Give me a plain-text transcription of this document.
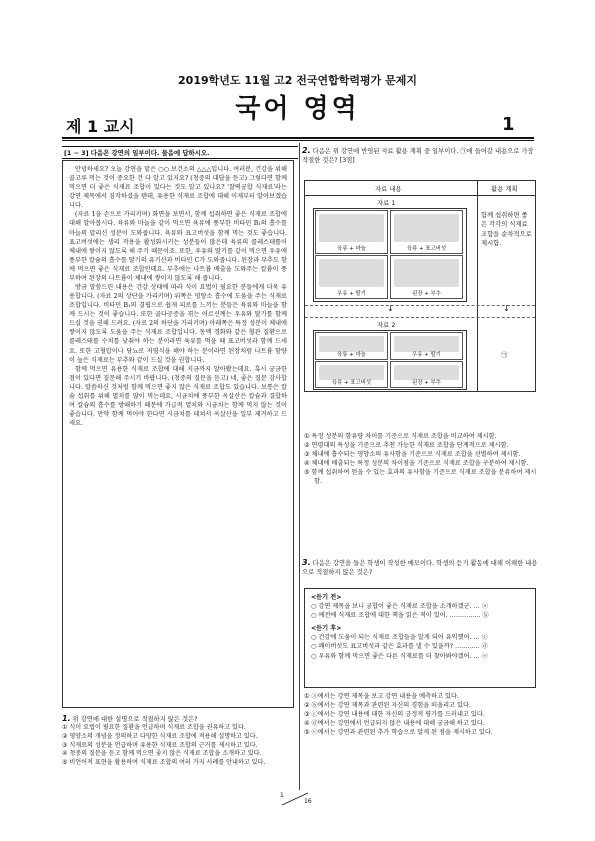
2019학년도 11월 고2 전국연합학력평가 문제지
국어 영역
제 1 교시	1
[1 ~ 3] 다음은 강연의 일부이다. 물음에 답하시오.

안녕하세요? 오늘 강연을 맡은 ○○ 보건소의 △△△입니다. 여러분, 건강을 위해 골고루 먹는 것이 중요한 건 다 알고 있지요? (청중의 대답을 듣고) 그렇다면 함께 먹으면 더 좋은 식재료 조합이 있다는 것도 알고 있나요? '찰떡궁합 식재료'라는 강연 제목에서 짐작하셨을 텐데, 유용한 식재료 조합에 대해 이제부터 알아보겠습니다.

(자료 1을 손으로 가리키며) 화면을 보면서, 함께 섭취하면 좋은 식재료 조합에 대해 알아봅시다. 육류와 마늘을 같이 먹으면 육류에 풍부한 비타민 B₁의 흡수를 마늘의 알리신 성분이 도와줍니다. 육류와 표고버섯을 함께 먹는 것도 좋습니다. 표고버섯에는 생리 작용을 활성화시키는 성분들이 많은데 육류의 콜레스테롤이 체내에 쌓이지 않도록 해 주기 때문이죠. 또한, 우유와 딸기를 같이 먹으면 우유에 풍부한 칼슘의 흡수를 딸기의 유기산과 비타민 C가 도와줍니다. 된장과 부추도 함께 먹으면 좋은 식재료 조합인데요. 부추에는 나트륨 배출을 도와주는 칼륨이 풍부하여 된장의 나트륨이 체내에 쌓이지 않도록 해 줍니다.

방금 말씀드린 내용은 건강 상태에 따라 식이 요법이 필요한 분들에게 더욱 유용합니다. (자료 2의 상단을 가리키며) 위쪽은 영양소 흡수에 도움을 주는 식재료 조합입니다. 비타민 B₁의 결핍으로 쉽게 피로를 느끼는 분들은 육류와 마늘을 함께 드시는 것이 좋습니다. 또한 골다공증을 겪는 어르신께는 우유와 딸기를 함께 드실 것을 권해 드려요. (자료 2의 하단을 가리키며) 아래쪽은 특정 성분이 체내에 쌓이지 않도록 도움을 주는 식재료 조합입니다. 동맥 경화와 같은 혈관 질환으로 콜레스테롤 수치를 낮춰야 하는 분이라면 육류를 먹을 때 표고버섯과 함께 드세요. 또한 고혈압이나 당뇨로 저염식을 해야 하는 분이라면 된장처럼 나트륨 함량이 높은 식재료는 부추와 같이 드실 것을 권합니다.

함께 먹으면 유용한 식재료 조합에 대해 지금까지 알아봤는데요. 혹시 궁금한 점이 있다면 질문해 주시기 바랍니다. (청중의 질문을 듣고) 네, 좋은 질문 감사합니다. 말씀하신 것처럼 함께 먹으면 좋지 않은 식재료 조합도 있습니다. 보통은 칼슘 섭취를 위해 멸치를 많이 먹는데요, 시금치에 풍부한 옥살산은 칼슘과 결합하여 칼슘의 흡수를 방해하기 때문에 가급적 멸치와 시금치는 함께 먹지 않는 것이 좋습니다. 만약 함께 먹어야 한다면 시금치를 데쳐서 옥살산을 일부 제거하고 드세요.

1. 위 강연에 대한 설명으로 적절하지 않은 것은?

2. 다음은 위 강연에 반영된 자료 활용 계획 중 일부이다. ㉠에 들어갈 내용으로 가장 적절한 것은? [3점]

자료 내용	활용 계획
자료 1
육류 + 마늘	육류 + 표고버섯
우유 + 딸기	된장 + 부추
함께 섭취하면 좋은 각각의 식재료 조합을 순차적으로 제시함.
↓	↓
자료 2
육류 + 마늘	우유 + 딸기
육류 + 표고버섯	된장 + 부추
㉠

① 특정 성분의 함유량 차이를 기준으로 식재료 조합을 비교하여 제시함.

② 연령대의 특성을 기준으로 추천 가능한 식재료 조합을 단계적으로 제시함.

③ 체내에 흡수되는 영양소의 유사함을 기준으로 식재료 조합을 선별하여 제시함.

④ 체내에 배출되는 특정 성분의 차이점을 기준으로 식재료 조합을 구분하여 제시함.

⑤ 함께 섭취하여 얻을 수 있는 효과의 유사함을 기준으로 식재료 조합을 분류하여 제시함.

3. 다음은 강연을 들은 학생이 작성한 메모이다. 학생의 듣기 활동에 대해 이해한 내용으로 적절하지 않은 것은?

<듣기 전>
○ 강연 제목을 보니 궁합이 좋은 식재료 조합을 소개하겠군. … ⓐ
○ 예전에 식재료 조합에 대한 책을 읽은 적이 있어. …………… ⓑ
<듣기 후>
○ 건강에 도움이 되는 식재료 조합들을 알게 되어 유익했어. … ⓒ
○ 쾌이버섯도 표고버섯과 같은 효과를 낼 수 있을까? ………… ⓓ
○ 우유와 함께 먹으면 좋은 다른 식재료를 더 찾아봐야겠어. … ⓔ

① ⓐ에서는 강연 제목을 보고 강연 내용을 예측하고 있다.

② ⓑ에서는 강연 제목과 관련된 자신의 경험을 떠올리고 있다.

③ ⓒ에서는 강연 내용에 대한 자신의 긍정적 평가를 드러내고 있다.

④ ⓓ에서는 강연에서 언급되지 않은 내용에 대해 궁금해 하고 있다.

⑤ ⓔ에서는 강연과 관련된 추가 학습으로 알게 된 점을 제시하고 있다.

① 식이 요법이 필요한 질환을 언급하며 식재료 조합을 권유하고 있다.

② 영양소의 개념을 정의하고 다양한 식재료 조합에 적용해 설명하고 있다.

③ 식재료의 성분을 언급하며 유용한 식재료 조합의 근거를 제시하고 있다.

④ 청중의 질문을 듣고 함께 먹으면 좋지 않은 식재료 조합을 소개하고 있다.

⑤ 비언어적 표현을 활용하여 식재료 조합의 여러 가지 사례를 안내하고 있다.

1
16
